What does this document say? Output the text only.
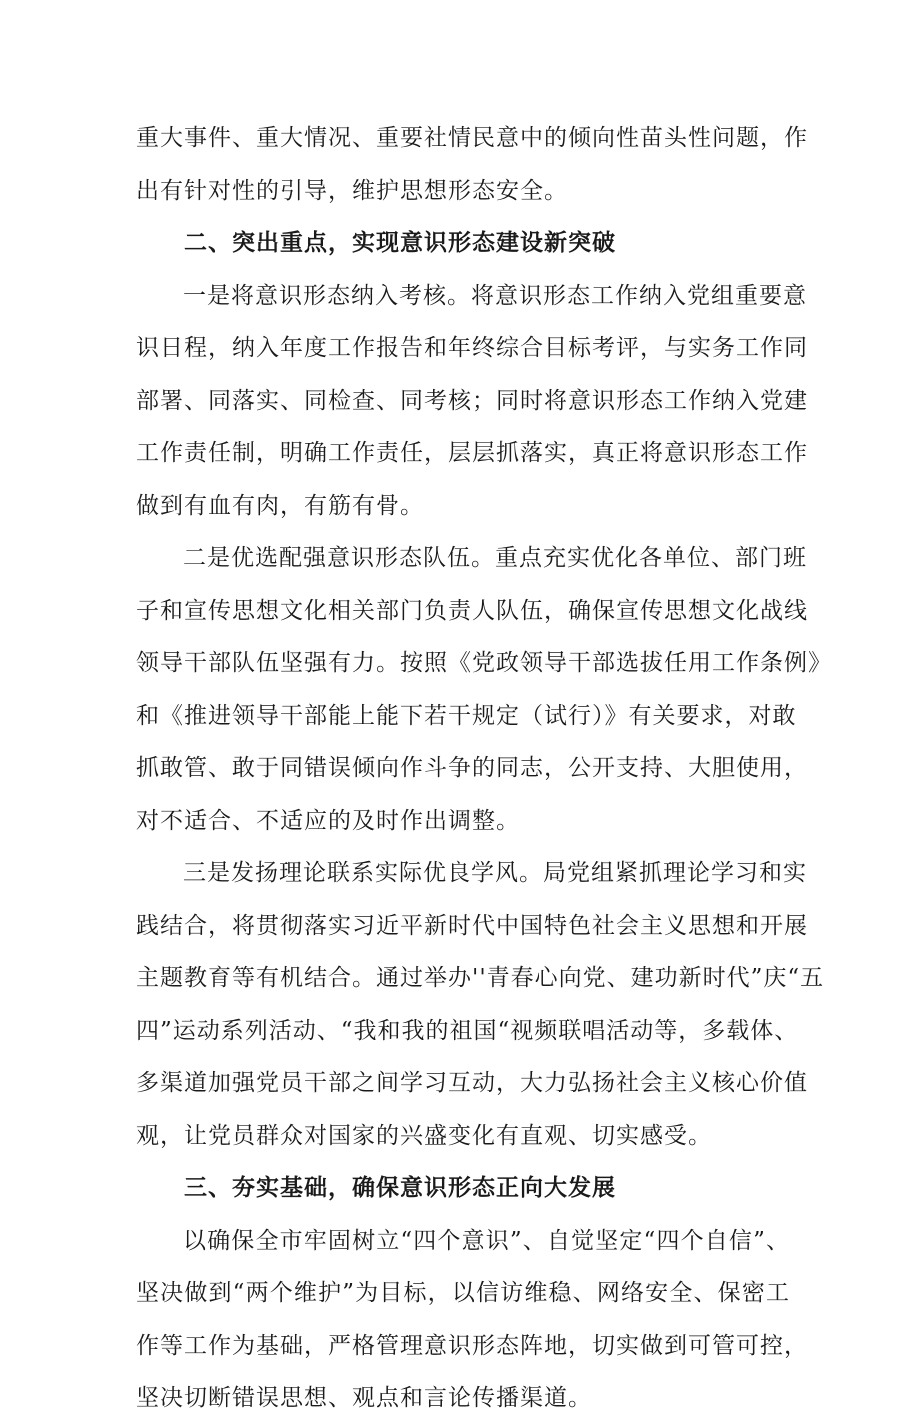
重大事件、重大情况、重要社情民意中的倾向性苗头性问题，作
出有针对性的引导，维护思想形态安全。
二、突出重点，实现意识形态建设新突破
一是将意识形态纳入考核。将意识形态工作纳入党组重要意
识日程，纳入年度工作报告和年终综合目标考评，与实务工作同
部署、同落实、同检查、同考核；同时将意识形态工作纳入党建
工作责任制，明确工作责任，层层抓落实，真正将意识形态工作
做到有血有肉，有筋有骨。
二是优选配强意识形态队伍。重点充实优化各单位、部门班
子和宣传思想文化相关部门负责人队伍，确保宣传思想文化战线
领导干部队伍坚强有力。按照《党政领导干部选拔任用工作条例》
和《推进领导干部能上能下若干规定（试行）》有关要求，对敢
抓敢管、敢于同错误倾向作斗争的同志，公开支持、大胆使用，
对不适合、不适应的及时作出调整。
三是发扬理论联系实际优良学风。局党组紧抓理论学习和实
践结合，将贯彻落实习近平新时代中国特色社会主义思想和开展
主题教育等有机结合。通过举办''青春心向党、建功新时代”庆“五
四”运动系列活动、“我和我的祖国“视频联唱活动等，多载体、
多渠道加强党员干部之间学习互动，大力弘扬社会主义核心价值
观，让党员群众对国家的兴盛变化有直观、切实感受。
三、夯实基础，确保意识形态正向大发展
以确保全市牢固树立“四个意识”、自觉坚定“四个自信”、
坚决做到“两个维护”为目标，以信访维稳、网络安全、保密工
作等工作为基础，严格管理意识形态阵地，切实做到可管可控，
坚决切断错误思想、观点和言论传播渠道。
